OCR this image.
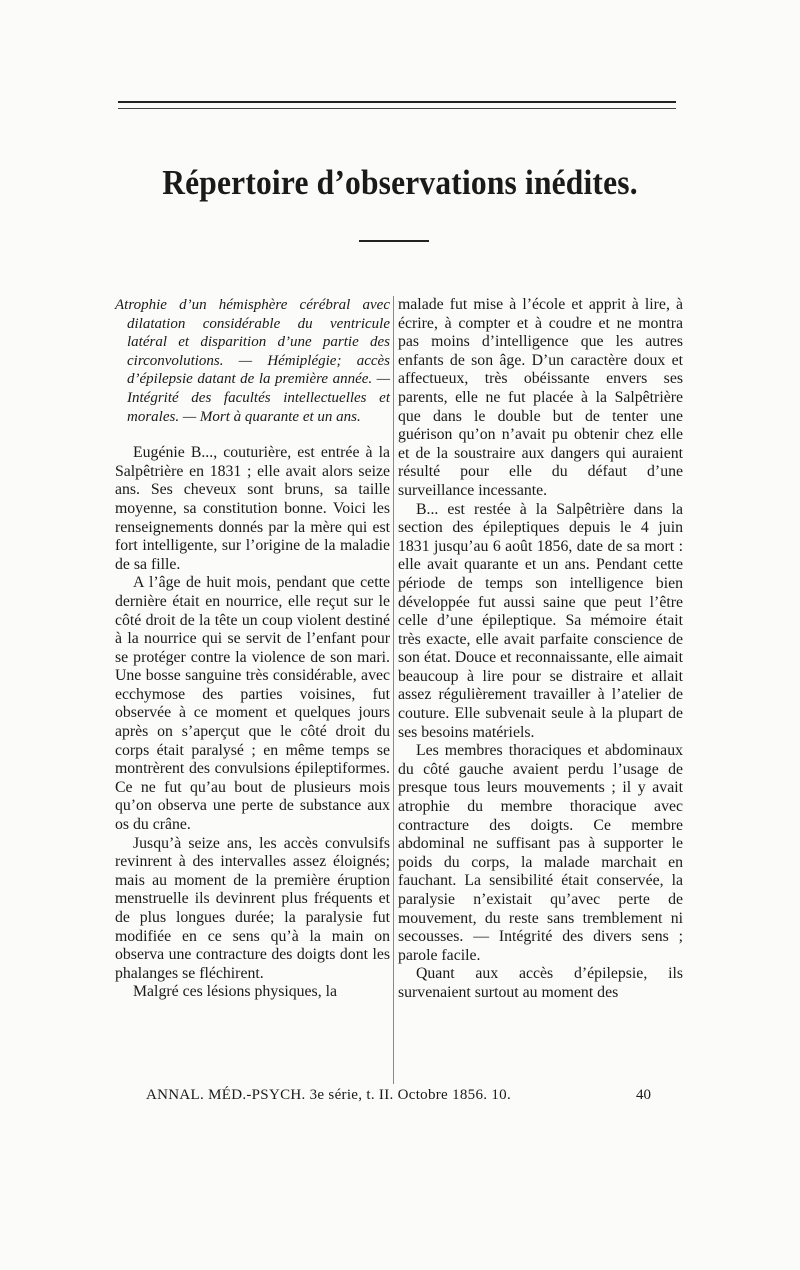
Répertoire d’observations inédites.

Atrophie d’un hémisphère cérébral avec dilatation considérable du ventricule latéral et disparition d’une partie des circonvolutions. — Hémiplégie; accès d’épilepsie datant de la première année. — Intégrité des facultés intellectuelles et morales. — Mort à quarante et un ans.

Eugénie B..., couturière, est entrée à la Salpêtrière en 1831 ; elle avait alors seize ans. Ses cheveux sont bruns, sa taille moyenne, sa constitution bonne. Voici les renseignements donnés par la mère qui est fort intelligente, sur l’origine de la maladie de sa fille.

A l’âge de huit mois, pendant que cette dernière était en nourrice, elle reçut sur le côté droit de la tête un coup violent destiné à la nourrice qui se servit de l’enfant pour se protéger contre la violence de son mari. Une bosse sanguine très considérable, avec ecchymose des parties voisines, fut observée à ce moment et quelques jours après on s’aperçut que le côté droit du corps était paralysé ; en même temps se montrèrent des convulsions épileptiformes. Ce ne fut qu’au bout de plusieurs mois qu’on observa une perte de substance aux os du crâne.

Jusqu’à seize ans, les accès convulsifs revinrent à des intervalles assez éloignés; mais au moment de la première éruption menstruelle ils devinrent plus fréquents et de plus longues durée; la paralysie fut modifiée en ce sens qu’à la main on observa une contracture des doigts dont les phalanges se fléchirent.

Malgré ces lésions physiques, la

malade fut mise à l’école et apprit à lire, à écrire, à compter et à coudre et ne montra pas moins d’intelligence que les autres enfants de son âge. D’un caractère doux et affectueux, très obéissante envers ses parents, elle ne fut placée à la Salpêtrière que dans le double but de tenter une guérison qu’on n’avait pu obtenir chez elle et de la soustraire aux dangers qui auraient résulté pour elle du défaut d’une surveillance incessante.

B... est restée à la Salpêtrière dans la section des épileptiques depuis le 4 juin 1831 jusqu’au 6 août 1856, date de sa mort : elle avait quarante et un ans. Pendant cette période de temps son intelligence bien développée fut aussi saine que peut l’être celle d’une épileptique. Sa mémoire était très exacte, elle avait parfaite conscience de son état. Douce et reconnaissante, elle aimait beaucoup à lire pour se distraire et allait assez régulièrement travailler à l’atelier de couture. Elle subvenait seule à la plupart de ses besoins matériels.

Les membres thoraciques et abdominaux du côté gauche avaient perdu l’usage de presque tous leurs mouvements ; il y avait atrophie du membre thoracique avec contracture des doigts. Ce membre abdominal ne suffisant pas à supporter le poids du corps, la malade marchait en fauchant. La sensibilité était conservée, la paralysie n’existait qu’avec perte de mouvement, du reste sans tremblement ni secousses. — Intégrité des divers sens ; parole facile.

Quant aux accès d’épilepsie, ils survenaient surtout au moment des

ANNAL. MÉD.-PSYCH. 3e série, t. II. Octobre 1856. 10.	40
